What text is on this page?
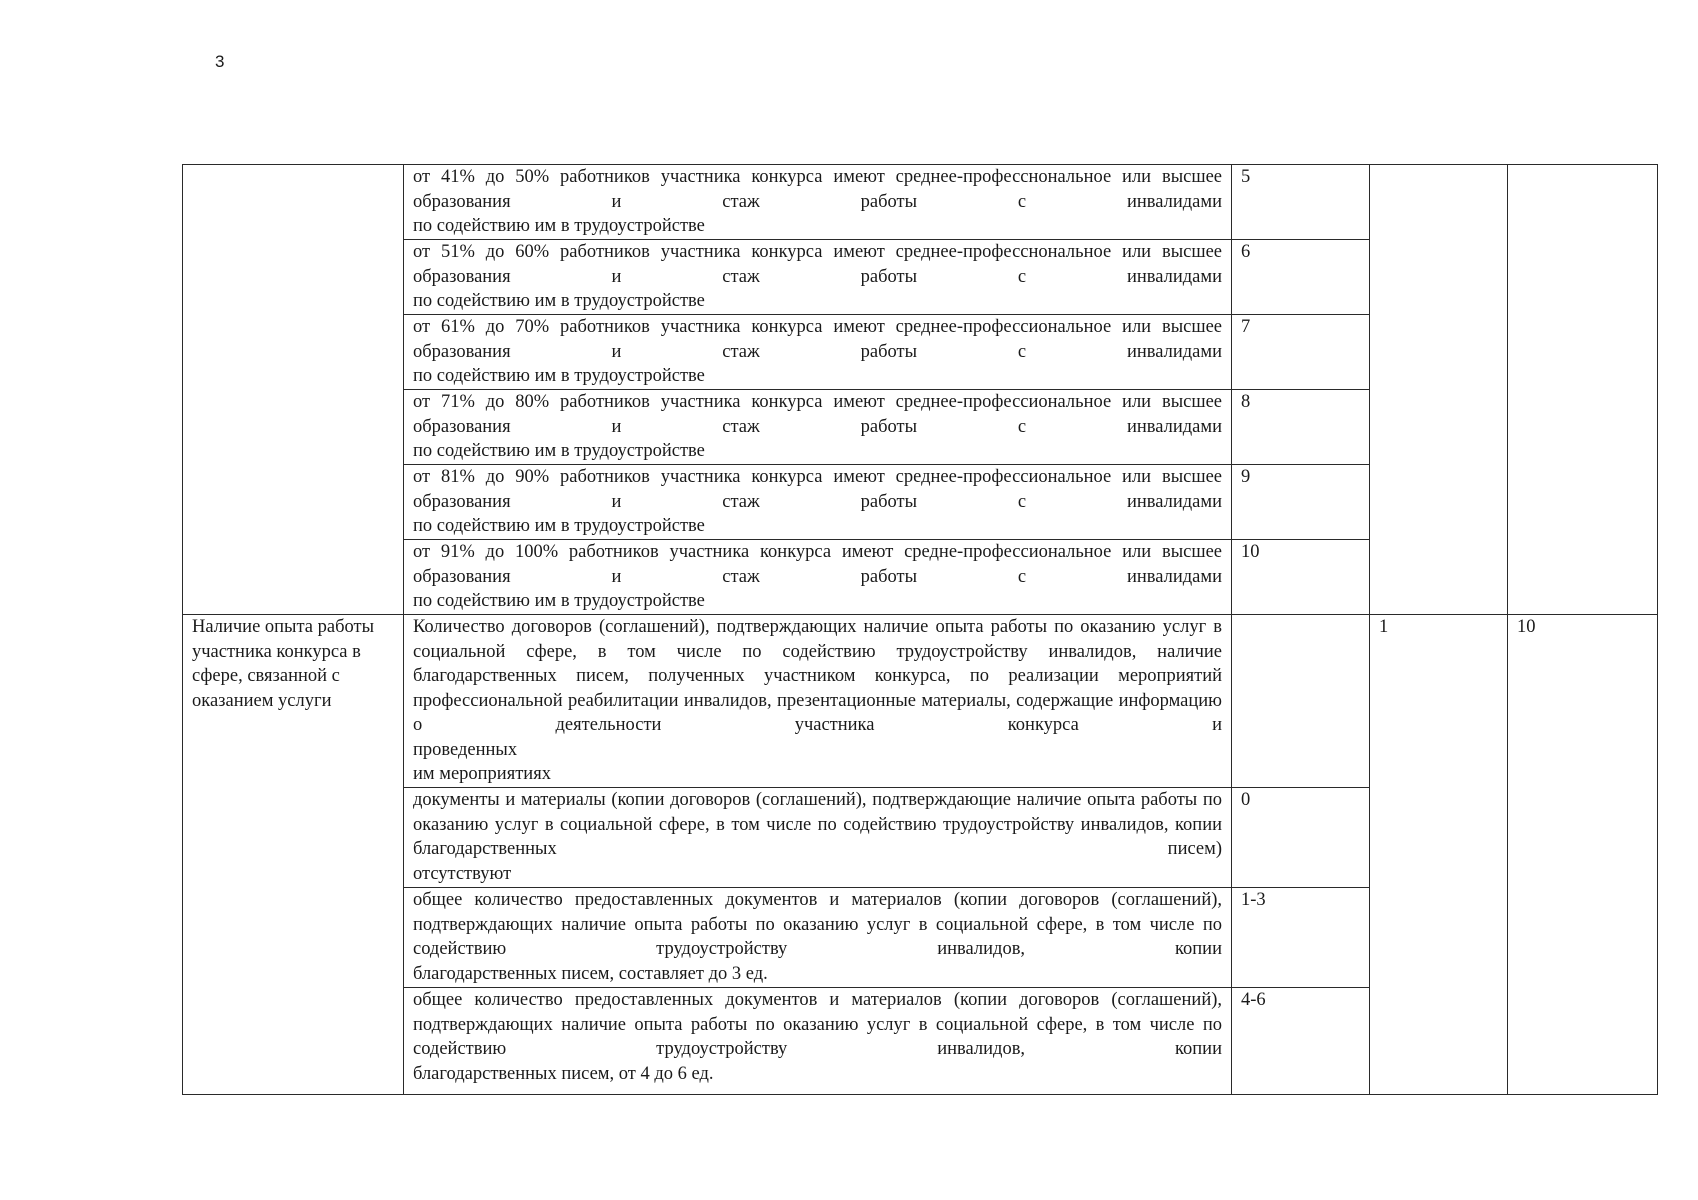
3
	от 41% до 50% работников участника конкурса имеют среднее-професснональное или высшее образования и стаж работы с инвалидами
по содействию им в трудоустройстве	5		
	от 51% до 60% работников участника конкурса имеют среднее-професснональное или высшее образования и стаж работы с инвалидами
по содействию им в трудоустройстве	6		
	от 61% до 70% работников участника конкурса имеют среднее-профессиональное или высшее образования и стаж работы с инвалидами
по содействию им в трудоустройстве	7		
	от 71% до 80% работников участника конкурса имеют среднее-профессиональное или высшее образования и стаж работы с инвалидами
по содействию им в трудоустройстве	8		
	от 81% до 90% работников участника конкурса имеют среднее-профессиональное или высшее образования и стаж работы с инвалидами
по содействию им в трудоустройстве	9		
	от 91% до 100% работников участника конкурса имеют средне-профессиональное или высшее образования и стаж работы с инвалидами
по содействию им в трудоустройстве	10		
Наличие опыта работы участника конкурса в сфере, связанной с оказанием услуги	Количество договоров (соглашений), подтверждающих наличие опыта работы по оказанию услуг в социальной сфере, в том числе по содействию трудоустройству инвалидов, наличие благодарственных писем, полученных участником конкурса, по реализации мероприятий профессиональной реабилитации инвалидов, презентационные материалы, содержащие информацию о деятельности участника конкурса и
проведенных
им мероприятиях		1	10
	документы и материалы (копии договоров (соглашений), подтверждающие наличие опыта работы по оказанию услуг в социальной сфере, в том числе по содействию трудоустройству инвалидов, копии благодарственных писем)
отсутствуют	0		
	общее количество предоставленных документов и материалов (копии договоров (соглашений), подтверждающих наличие опыта работы по оказанию услуг в социальной сфере, в том числе по содействию трудоустройству инвалидов, копии
благодарственных писем, составляет до 3 ед.	1-3		
	общее количество предоставленных документов и материалов (копии договоров (соглашений), подтверждающих наличие опыта работы по оказанию услуг в социальной сфере, в том числе по содействию трудоустройству инвалидов, копии
благодарственных писем, от 4 до 6 ед.	4-6		
